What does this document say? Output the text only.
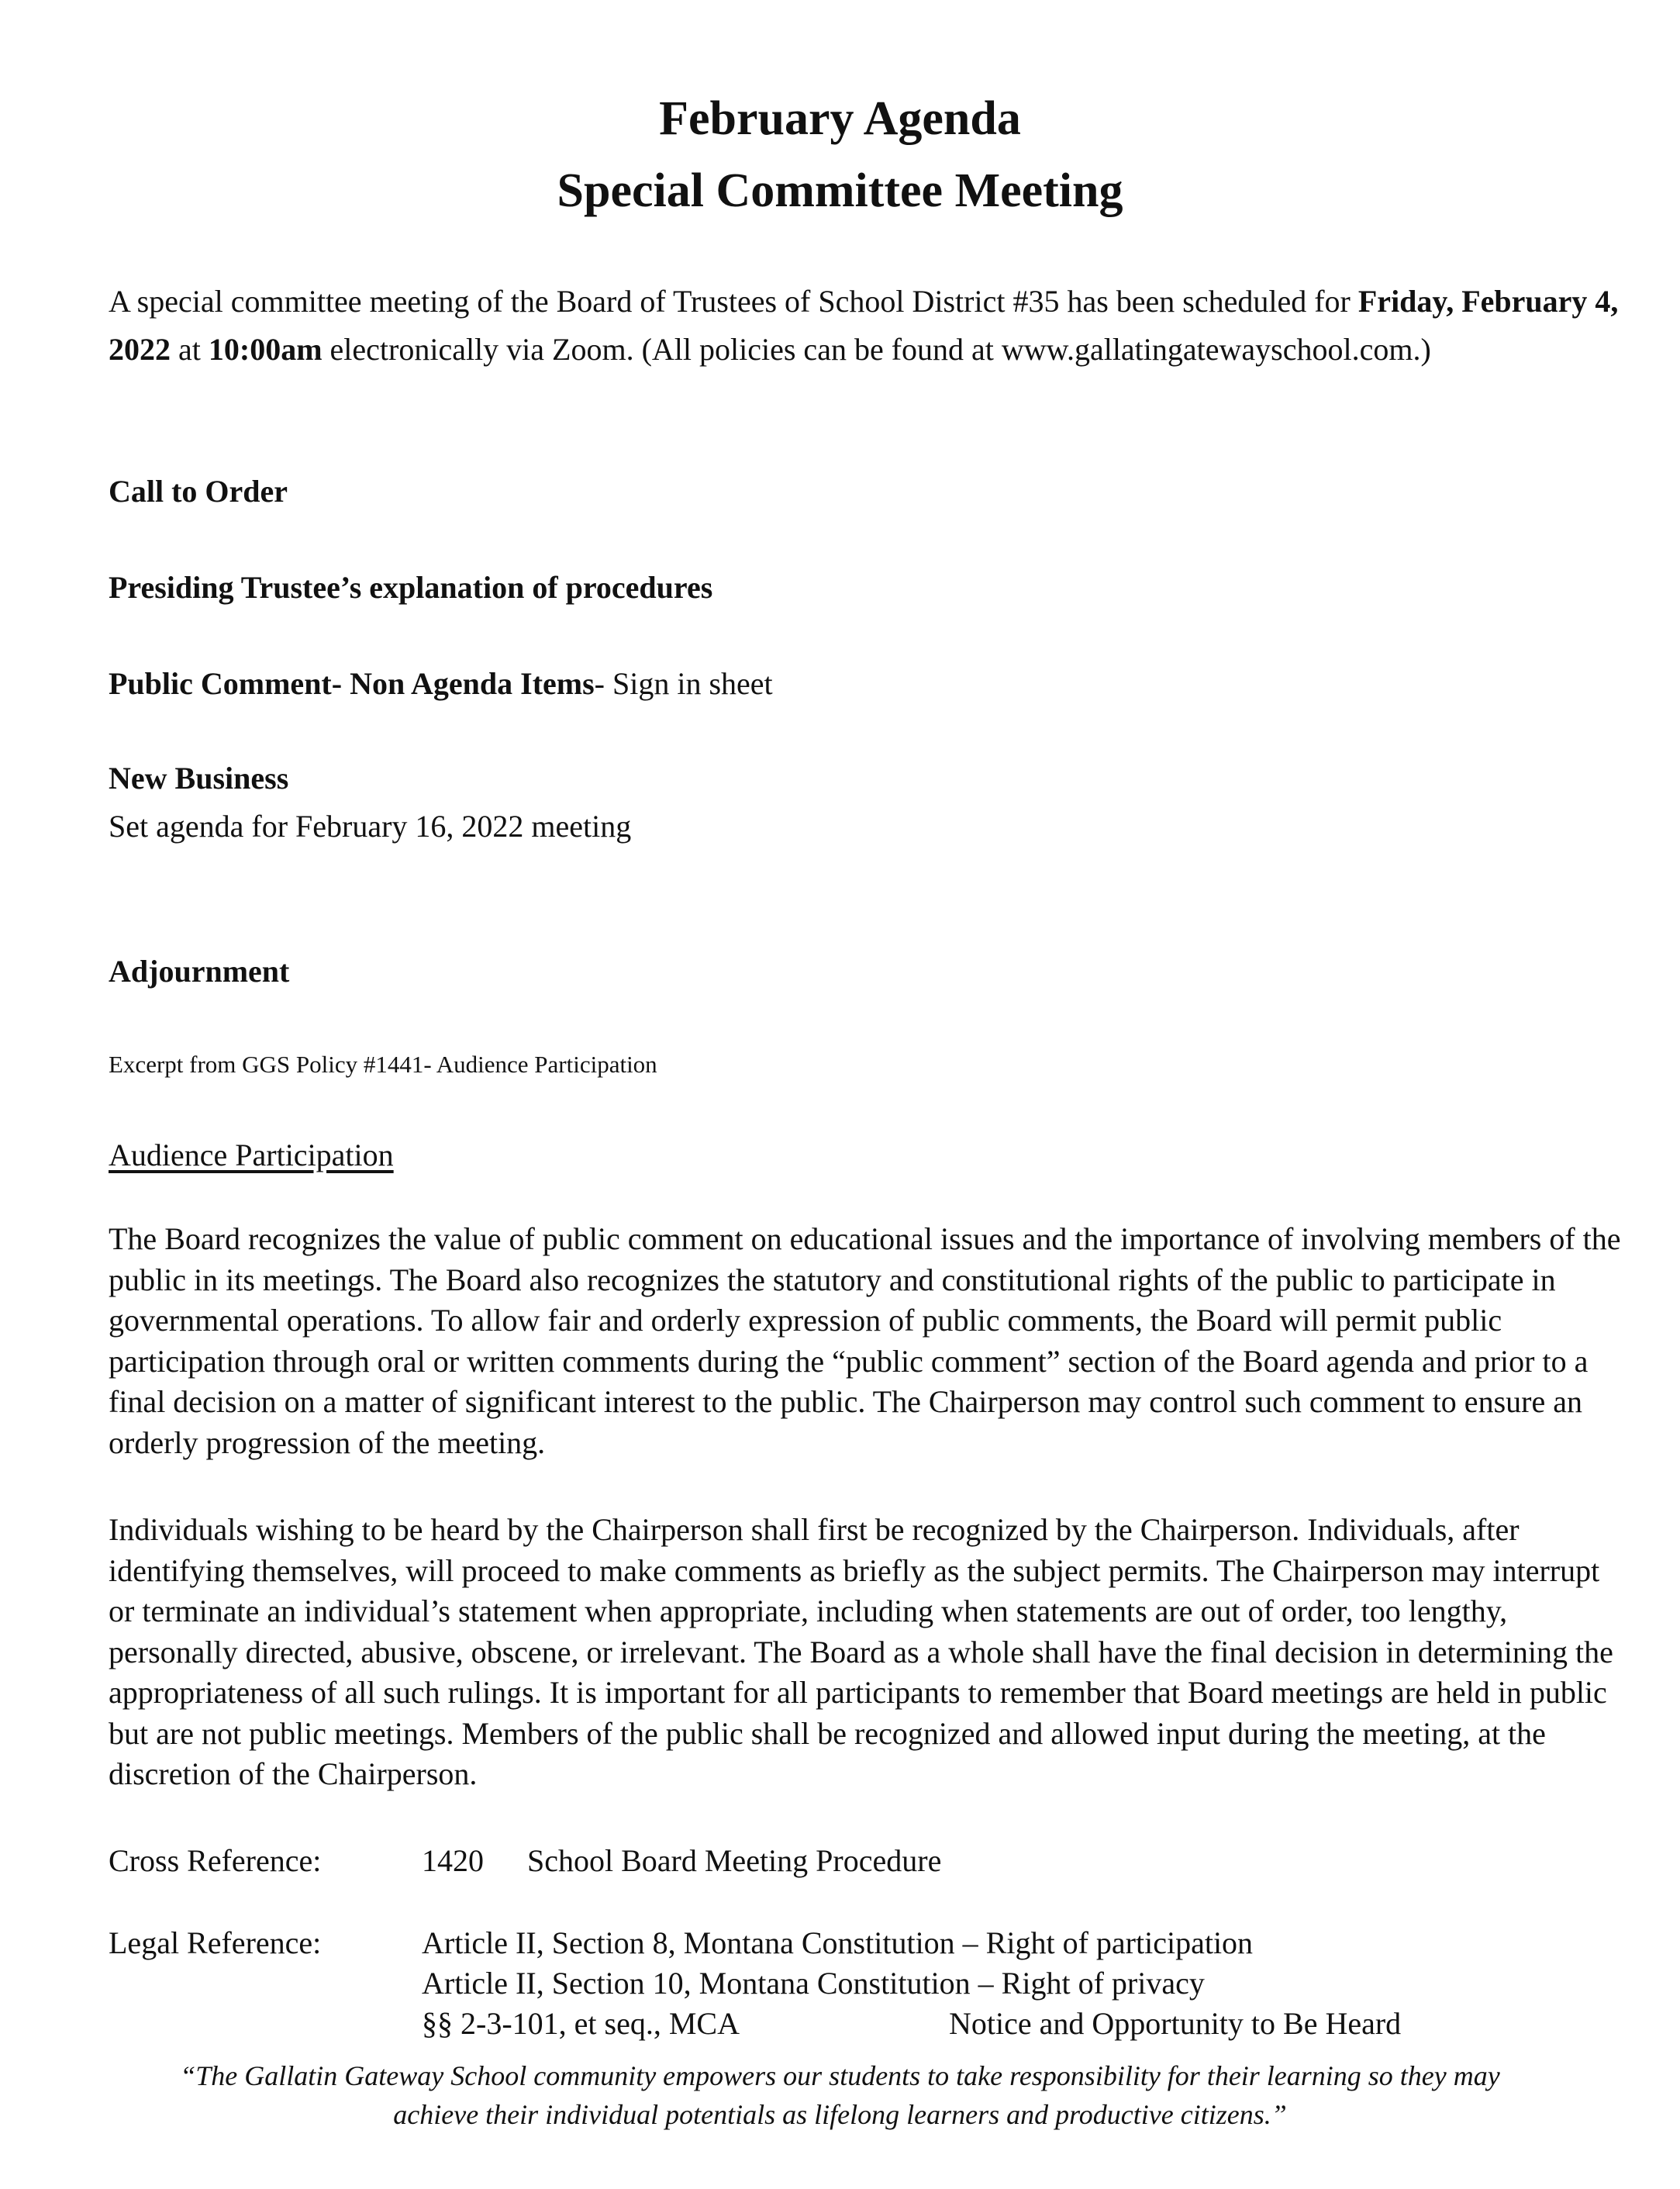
February Agenda
Special Committee Meeting

A special committee meeting of the Board of Trustees of School District #35 has been scheduled for Friday, February 4, 2022 at 10:00am electronically via Zoom. (All policies can be found at www.gallatingatewayschool.com.)

Call to Order

Presiding Trustee’s explanation of procedures

Public Comment- Non Agenda Items- Sign in sheet

New Business

Set agenda for February 16, 2022 meeting

Adjournment

Excerpt from GGS Policy #1441- Audience Participation

Audience Participation

The Board recognizes the value of public comment on educational issues and the importance of involving members of the public in its meetings. The Board also recognizes the statutory and constitutional rights of the public to participate in governmental operations. To allow fair and orderly expression of public comments, the Board will permit public participation through oral or written comments during the “public comment” section of the Board agenda and prior to a final decision on a matter of significant interest to the public. The Chairperson may control such comment to ensure an orderly progression of the meeting.

Individuals wishing to be heard by the Chairperson shall first be recognized by the Chairperson. Individuals, after identifying themselves, will proceed to make comments as briefly as the subject permits. The Chairperson may interrupt or terminate an individual’s statement when appropriate, including when statements are out of order, too lengthy, personally directed, abusive, obscene, or irrelevant. The Board as a whole shall have the final decision in determining the appropriateness of all such rulings. It is important for all participants to remember that Board meetings are held in public but are not public meetings. Members of the public shall be recognized and allowed input during the meeting, at the discretion of the Chairperson.

Cross Reference:	1420 School Board Meeting Procedure
Legal Reference:	Article II, Section 8, Montana Constitution – Right of participation
Article II, Section 10, Montana Constitution – Right of privacy
§§ 2-3-101, et seq., MCA	Notice and Opportunity to Be Heard

“The Gallatin Gateway School community empowers our students to take responsibility for their learning so they may

achieve their individual potentials as lifelong learners and productive citizens.”
